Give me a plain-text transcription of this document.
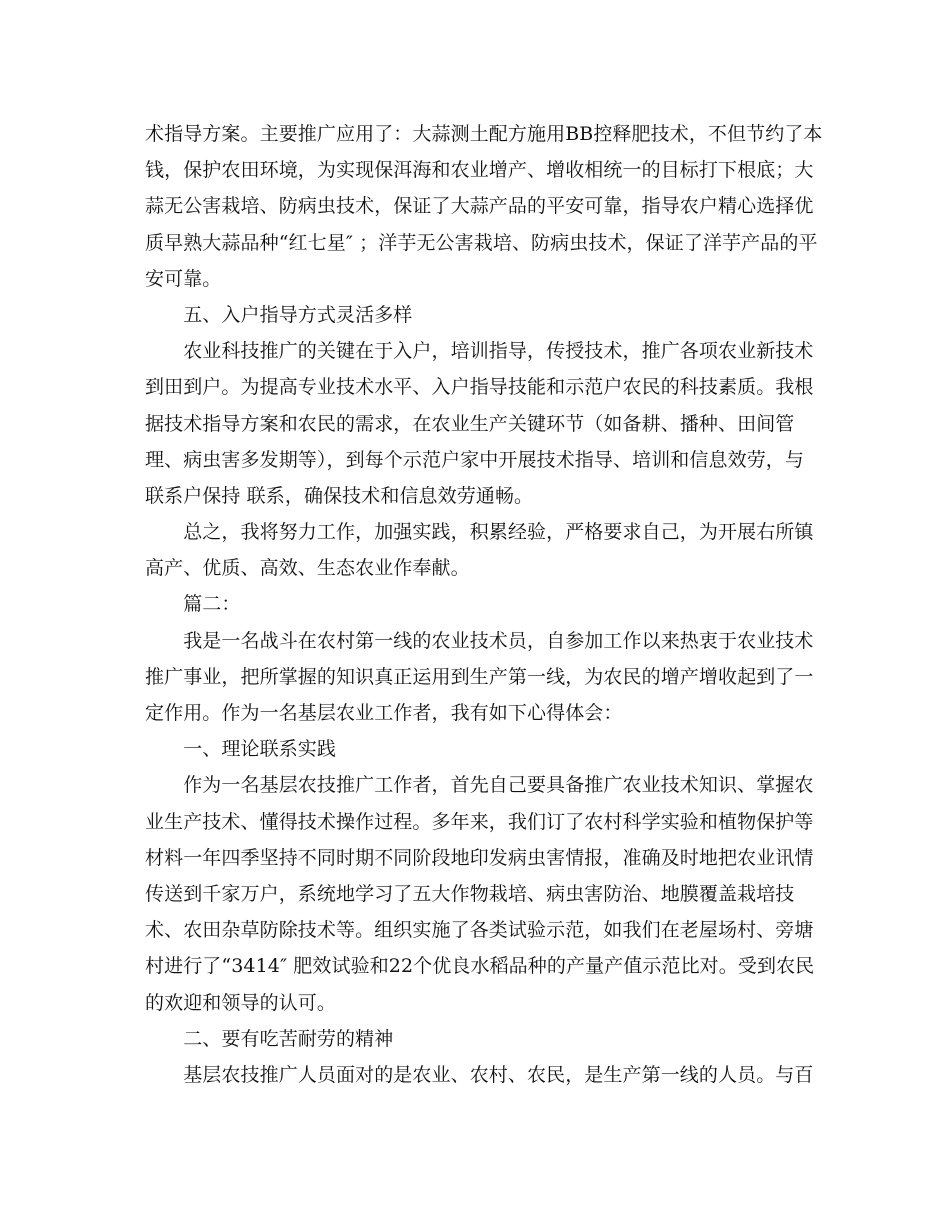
术指导方案。主要推广应用了：大蒜测土配方施用BB控释肥技术，不但节约了本
钱，保护农田环境，为实现保洱海和农业增产、增收相统一的目标打下根底；大
蒜无公害栽培、防病虫技术，保证了大蒜产品的平安可靠，指导农户精心选择优
质早熟大蒜品种“红七星″ ；洋芋无公害栽培、防病虫技术，保证了洋芋产品的平
安可靠。
　　五、入户指导方式灵活多样
　　农业科技推广的关键在于入户，培训指导，传授技术，推广各项农业新技术
到田到户。为提高专业技术水平、入户指导技能和示范户农民的科技素质。我根
据技术指导方案和农民的需求，在农业生产关键环节（如备耕、播种、田间管
理、病虫害多发期等），到每个示范户家中开展技术指导、培训和信息效劳，与
联系户保持 联系，确保技术和信息效劳通畅。
　　总之，我将努力工作，加强实践，积累经验，严格要求自己，为开展右所镇
高产、优质、高效、生态农业作奉献。
　　篇二：
　　我是一名战斗在农村第一线的农业技术员，自参加工作以来热衷于农业技术
推广事业，把所掌握的知识真正运用到生产第一线，为农民的增产增收起到了一
定作用。作为一名基层农业工作者，我有如下心得体会：
　　一、理论联系实践
　　作为一名基层农技推广工作者，首先自己要具备推广农业技术知识、掌握农
业生产技术、懂得技术操作过程。多年来，我们订了农村科学实验和植物保护等
材料一年四季坚持不同时期不同阶段地印发病虫害情报，准确及时地把农业讯情
传送到千家万户，系统地学习了五大作物栽培、病虫害防治、地膜覆盖栽培技
术、农田杂草防除技术等。组织实施了各类试验示范，如我们在老屋场村、旁塘
村进行了“3414″ 肥效试验和22个优良水稻品种的产量产值示范比对。受到农民
的欢迎和领导的认可。
　　二、要有吃苦耐劳的精神
　　基层农技推广人员面对的是农业、农村、农民，是生产第一线的人员。与百
